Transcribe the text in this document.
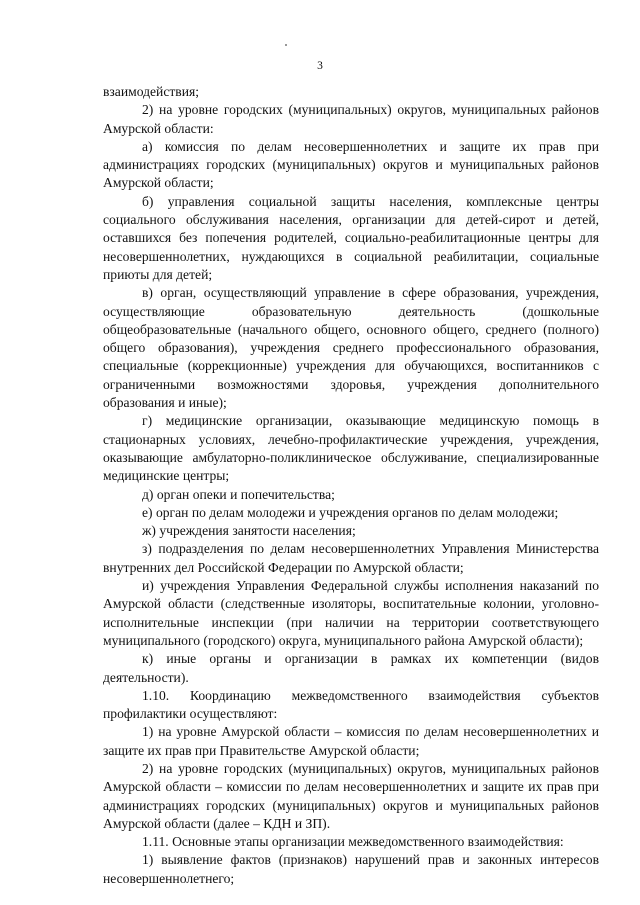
3

взаимодействия;

2) на уровне городских (муниципальных) округов, муниципальных районов Амурской области:

а) комиссия по делам несовершеннолетних и защите их прав при администрациях городских (муниципальных) округов и муниципальных районов Амурской области;

б) управления социальной защиты населения, комплексные центры социального обслуживания населения, организации для детей-сирот и детей, оставшихся без попечения родителей, социально-реабилитационные центры для несовершеннолетних, нуждающихся в социальной реабилитации, социальные приюты для детей;

в) орган, осуществляющий управление в сфере образования, учреждения, осуществляющие образовательную деятельность (дошкольные общеобразовательные (начального общего, основного общего, среднего (полного) общего образования), учреждения среднего профессионального образования, специальные (коррекционные) учреждения для обучающихся, воспитанников с ограниченными возможностями здоровья, учреждения дополнительного образования и иные);

г) медицинские организации, оказывающие медицинскую помощь в стационарных условиях, лечебно-профилактические учреждения, учреждения, оказывающие амбулаторно-поликлиническое обслуживание, специализированные медицинские центры;

д) орган опеки и попечительства;

е) орган по делам молодежи и учреждения органов по делам молодежи;

ж) учреждения занятости населения;

з) подразделения по делам несовершеннолетних Управления Министерства внутренних дел Российской Федерации по Амурской области;

и) учреждения Управления Федеральной службы исполнения наказаний по Амурской области (следственные изоляторы, воспитательные колонии, уголовно-исполнительные инспекции (при наличии на территории соответствующего муниципального (городского) округа, муниципального района Амурской области);

к) иные органы и организации в рамках их компетенции (видов деятельности).

1.10. Координацию межведомственного взаимодействия субъектов профилактики осуществляют:

1) на уровне Амурской области – комиссия по делам несовершеннолетних и защите их прав при Правительстве Амурской области;

2) на уровне городских (муниципальных) округов, муниципальных районов Амурской области – комиссии по делам несовершеннолетних и защите их прав при администрациях городских (муниципальных) округов и муниципальных районов Амурской области (далее – КДН и ЗП).

1.11. Основные этапы организации межведомственного взаимодействия:

1) выявление фактов (признаков) нарушений прав и законных интересов несовершеннолетнего;
